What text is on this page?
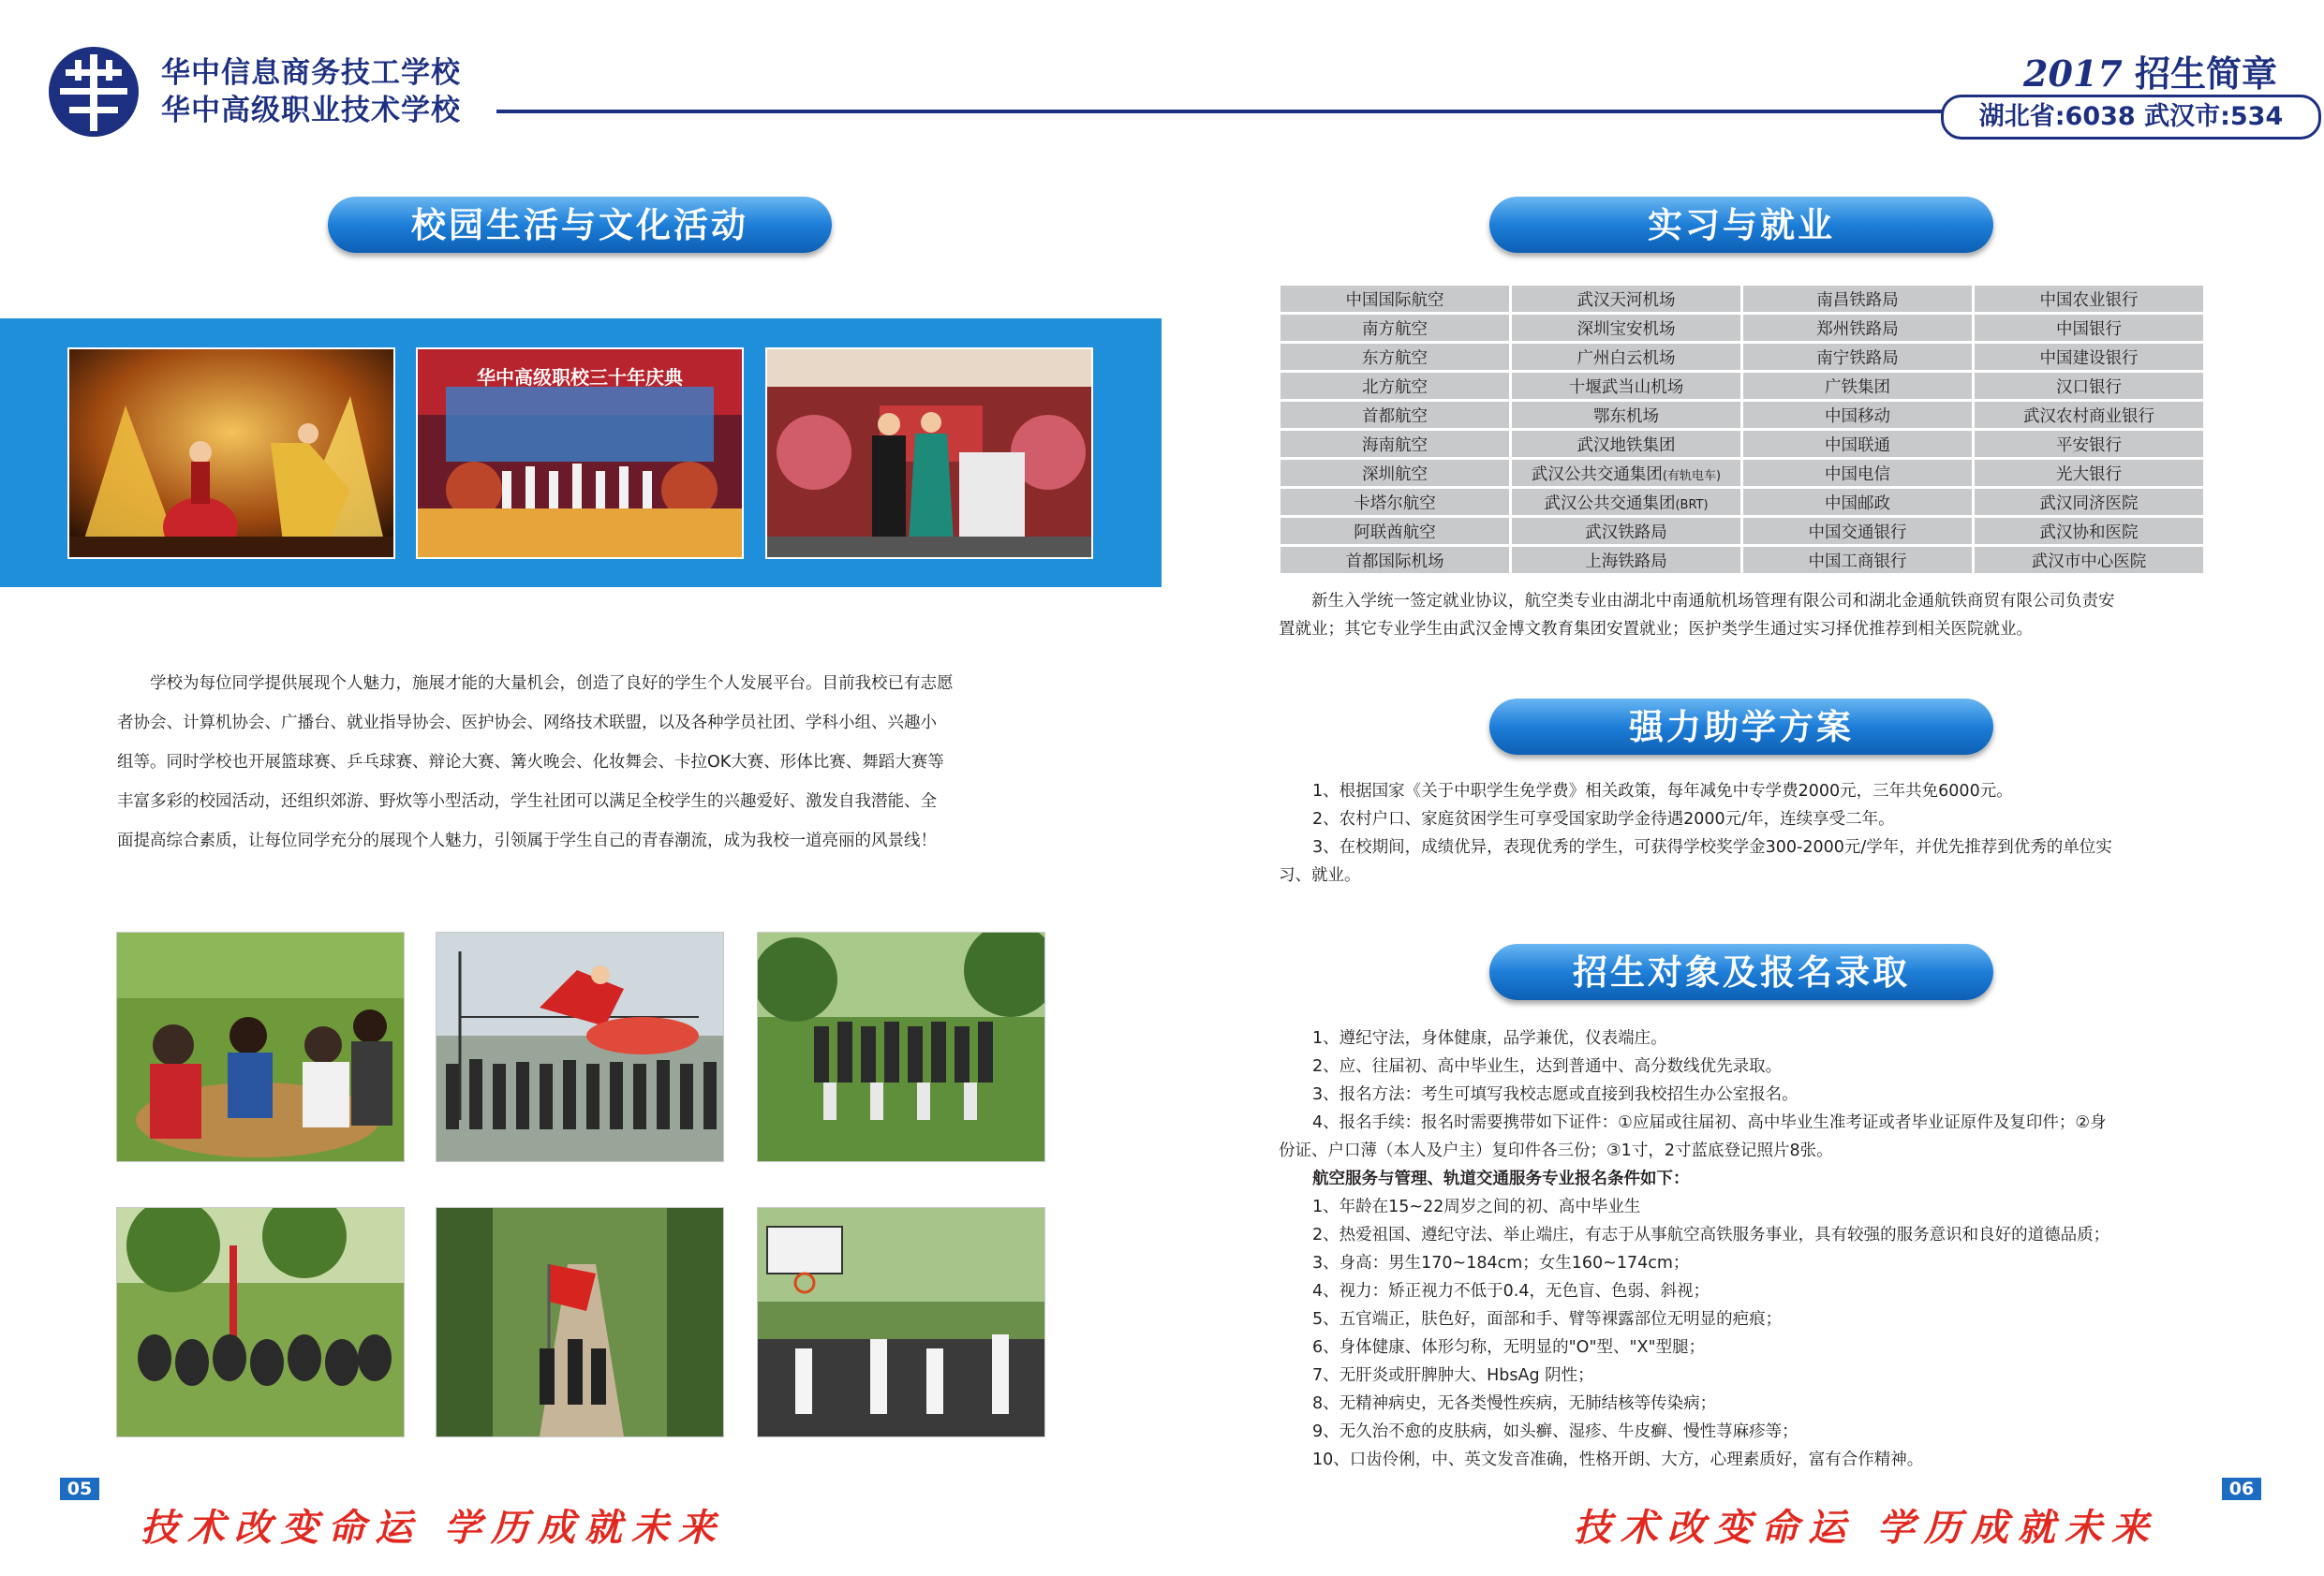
华中信息商务技工学校
华中高级职业技术学校
2017 招生简章
湖北省:6038 武汉市:534
校园生活与文化活动
华中高级职校三十年庆典
学校为每位同学提供展现个人魅力，施展才能的大量机会，创造了良好的学生个人发展平台。目前我校已有志愿
者协会、计算机协会、广播台、就业指导协会、医护协会、网络技术联盟，以及各种学员社团、学科小组、兴趣小
组等。同时学校也开展篮球赛、乒乓球赛、辩论大赛、篝火晚会、化妆舞会、卡拉OK大赛、形体比赛、舞蹈大赛等
丰富多彩的校园活动，还组织郊游、野炊等小型活动，学生社团可以满足全校学生的兴趣爱好、激发自我潜能、全
面提高综合素质，让每位同学充分的展现个人魅力，引领属于学生自己的青春潮流，成为我校一道亮丽的风景线！
实习与就业
中国国际航空	武汉天河机场	南昌铁路局	中国农业银行
南方航空	深圳宝安机场	郑州铁路局	中国银行
东方航空	广州白云机场	南宁铁路局	中国建设银行
北方航空	十堰武当山机场	广铁集团	汉口银行
首都航空	鄂东机场	中国移动	武汉农村商业银行
海南航空	武汉地铁集团	中国联通	平安银行
深圳航空	武汉公共交通集团(有轨电车)	中国电信	光大银行
卡塔尔航空	武汉公共交通集团(BRT)	中国邮政	武汉同济医院
阿联酋航空	武汉铁路局	中国交通银行	武汉协和医院
首都国际机场	上海铁路局	中国工商银行	武汉市中心医院
新生入学统一签定就业协议，航空类专业由湖北中南通航机场管理有限公司和湖北金通航铁商贸有限公司负责安
置就业；其它专业学生由武汉金博文教育集团安置就业；医护类学生通过实习择优推荐到相关医院就业。
强力助学方案
1、根据国家《关于中职学生免学费》相关政策，每年减免中专学费2000元，三年共免6000元。
2、农村户口、家庭贫困学生可享受国家助学金待遇2000元/年，连续享受二年。
3、在校期间，成绩优异，表现优秀的学生，可获得学校奖学金300-2000元/学年，并优先推荐到优秀的单位实
习、就业。
招生对象及报名录取
1、遵纪守法，身体健康，品学兼优，仪表端庄。
2、应、往届初、高中毕业生，达到普通中、高分数线优先录取。
3、报名方法：考生可填写我校志愿或直接到我校招生办公室报名。
4、报名手续：报名时需要携带如下证件：①应届或往届初、高中毕业生准考证或者毕业证原件及复印件；②身
份证、户口薄（本人及户主）复印件各三份；③1寸，2寸蓝底登记照片8张。
航空服务与管理、轨道交通服务专业报名条件如下：
1、年龄在15~22周岁之间的初、高中毕业生
2、热爱祖国、遵纪守法、举止端庄，有志于从事航空高铁服务事业，具有较强的服务意识和良好的道德品质；
3、身高：男生170~184cm；女生160~174cm；
4、视力：矫正视力不低于0.4，无色盲、色弱、斜视；
5、五官端正，肤色好，面部和手、臂等裸露部位无明显的疤痕；
6、身体健康、体形匀称，无明显的"O"型、"X"型腿；
7、无肝炎或肝脾肿大、HbsAg 阴性；
8、无精神病史，无各类慢性疾病，无肺结核等传染病；
9、无久治不愈的皮肤病，如头癣、湿疹、牛皮癣、慢性荨麻疹等；
10、口齿伶俐，中、英文发音准确，性格开朗、大方，心理素质好，富有合作精神。
05	06
技术改变命运 学历成就未来	技术改变命运 学历成就未来
